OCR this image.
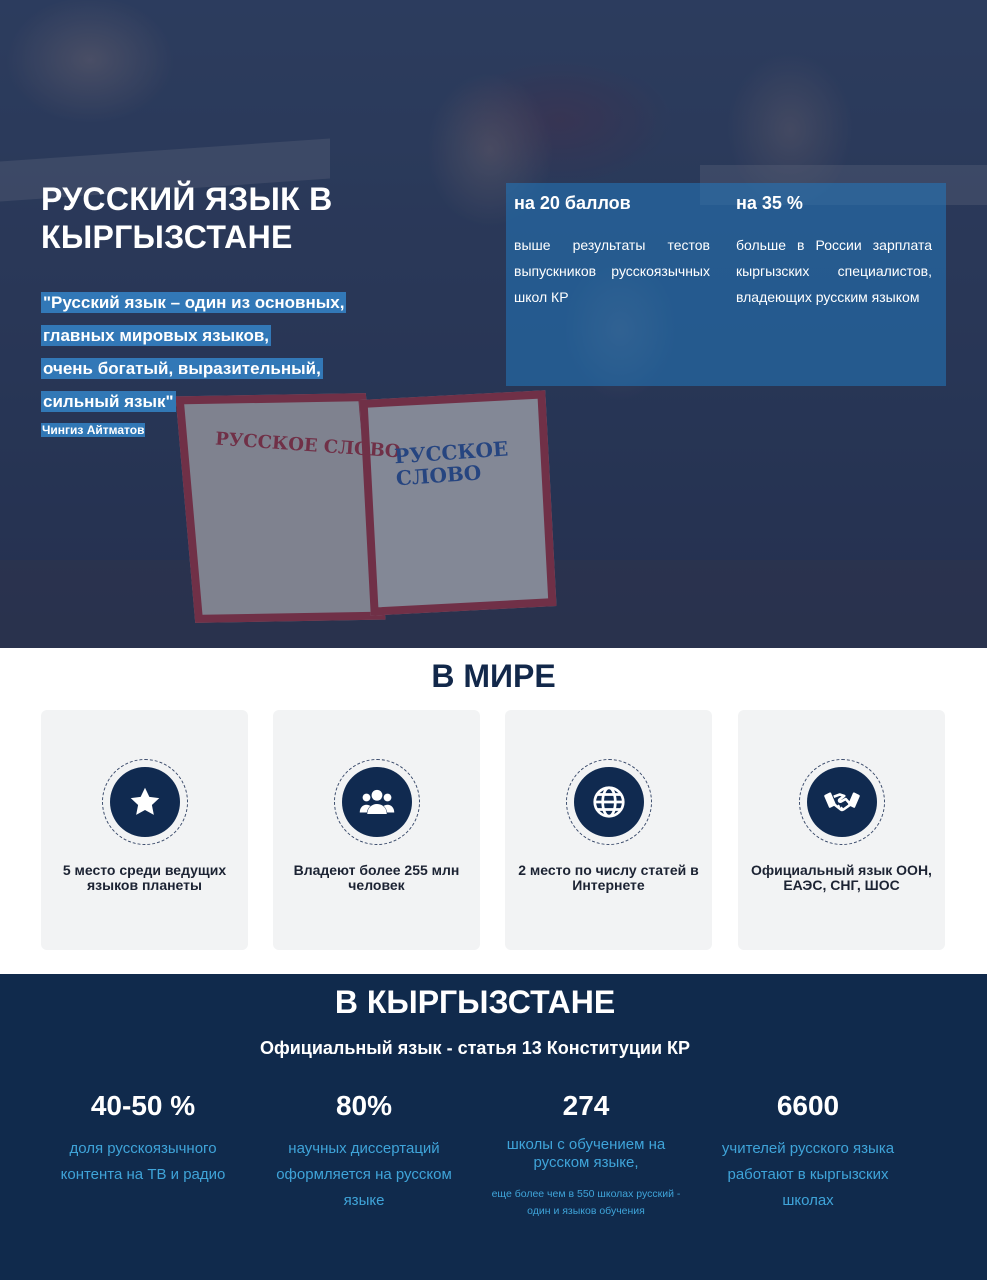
РУССКОЕ СЛОВО
РУССКОЕ СЛОВО
РУССКИЙ ЯЗЫК В
КЫРГЫЗСТАНЕ

"Русский язык – один из основных,
главных мировых языков,
очень богатый, выразительный,
сильный язык"

Чингиз Айтматов
на 20 баллов
выше результаты тестов выпускников русскоязычных школ КР
на 35 %
больше в России зарплата кыргызских специалистов, владеющих русским языком
В МИРЕ
5 место среди ведущих языков планеты
Владеют более 255 млн человек
2 место по числу статей в Интернете
Официальный язык ООН, ЕАЭС, СНГ, ШОС
В КЫРГЫЗСТАНЕ
Официальный язык - статья 13 Конституции КР
40-50 %
доля русскоязычного контента на ТВ и радио
80%
научных диссертаций оформляется на русском языке
274
школы с обучением на русском языке,
еще более чем в 550 школах русский - один и языков обучения
6600
учителей русского языка работают в кыргызских школах
